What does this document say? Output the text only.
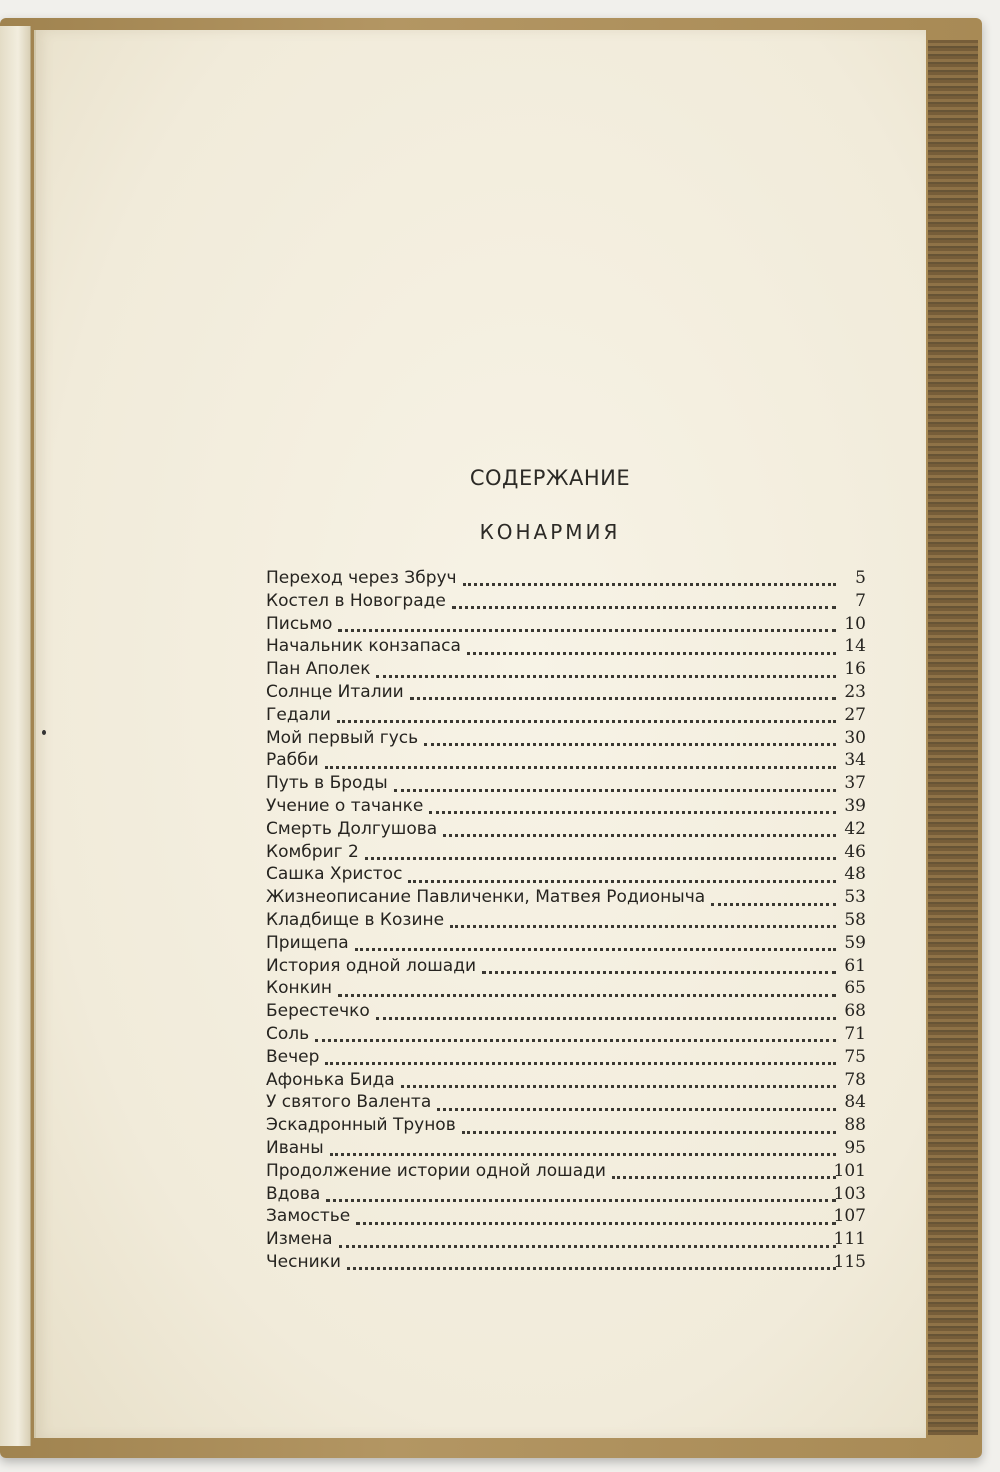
СОДЕРЖАНИЕ
КОНАРМИЯ
Переход через Збруч	5
Костел в Новограде	7
Письмо	10
Начальник конзапаса	14
Пан Аполек	16
Солнце Италии	23
Гедали	27
Мой первый гусь	30
Рабби	34
Путь в Броды	37
Учение о тачанке	39
Смерть Долгушова	42
Комбриг 2	46
Сашка Христос	48
Жизнеописание Павличенки, Матвея Родионыча	53
Кладбище в Козине	58
Прищепа	59
История одной лошади	61
Конкин	65
Берестечко	68
Соль	71
Вечер	75
Афонька Бида	78
У святого Валента	84
Эскадронный Трунов	88
Иваны	95
Продолжение истории одной лошади	101
Вдова	103
Замостье	107
Измена	111
Чесники	115
